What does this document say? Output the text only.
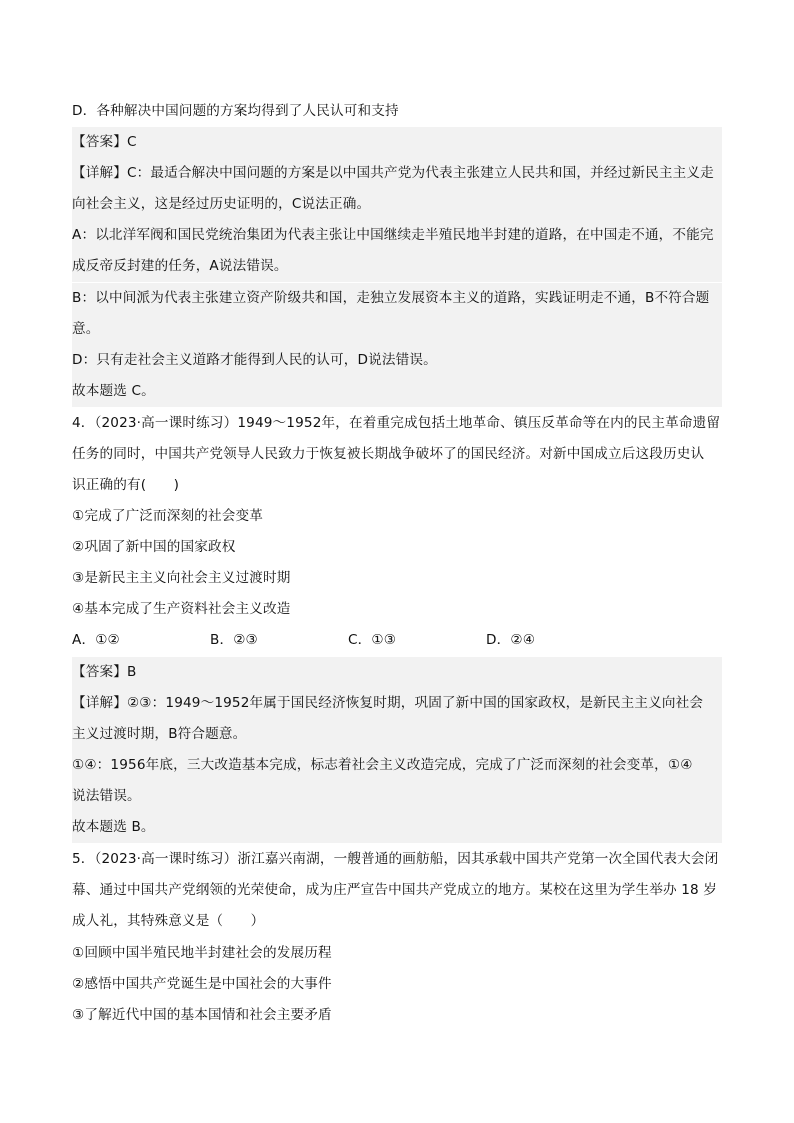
D．各种解决中国问题的方案均得到了人民认可和支持
【答案】C
【详解】C：最适合解决中国问题的方案是以中国共产党为代表主张建立人民共和国，并经过新民主主义走
向社会主义，这是经过历史证明的，C说法正确。
A：以北洋军阀和国民党统治集团为代表主张让中国继续走半殖民地半封建的道路，在中国走不通，不能完
成反帝反封建的任务，A说法错误。
B：以中间派为代表主张建立资产阶级共和国，走独立发展资本主义的道路，实践证明走不通，B不符合题
意。
D：只有走社会主义道路才能得到人民的认可，D说法错误。
故本题选 C。
4．（2023·高一课时练习）1949～1952年，在着重完成包括土地革命、镇压反革命等在内的民主革命遗留
任务的同时，中国共产党领导人民致力于恢复被长期战争破坏了的国民经济。对新中国成立后这段历史认
识正确的有(　　)
①完成了广泛而深刻的社会变革
②巩固了新中国的国家政权
③是新民主主义向社会主义过渡时期
④基本完成了生产资料社会主义改造
A．①②	B．②③	C．①③	D．②④
【答案】B
【详解】②③：1949～1952年属于国民经济恢复时期，巩固了新中国的国家政权，是新民主主义向社会
主义过渡时期，B符合题意。
①④：1956年底，三大改造基本完成，标志着社会主义改造完成，完成了广泛而深刻的社会变革，①④
说法错误。
故本题选 B。
5．（2023·高一课时练习）浙江嘉兴南湖，一艘普通的画舫船，因其承载中国共产党第一次全国代表大会闭
幕、通过中国共产党纲领的光荣使命，成为庄严宣告中国共产党成立的地方。某校在这里为学生举办 18 岁
成人礼，其特殊意义是（　　）
①回顾中国半殖民地半封建社会的发展历程
②感悟中国共产党诞生是中国社会的大事件
③了解近代中国的基本国情和社会主要矛盾
